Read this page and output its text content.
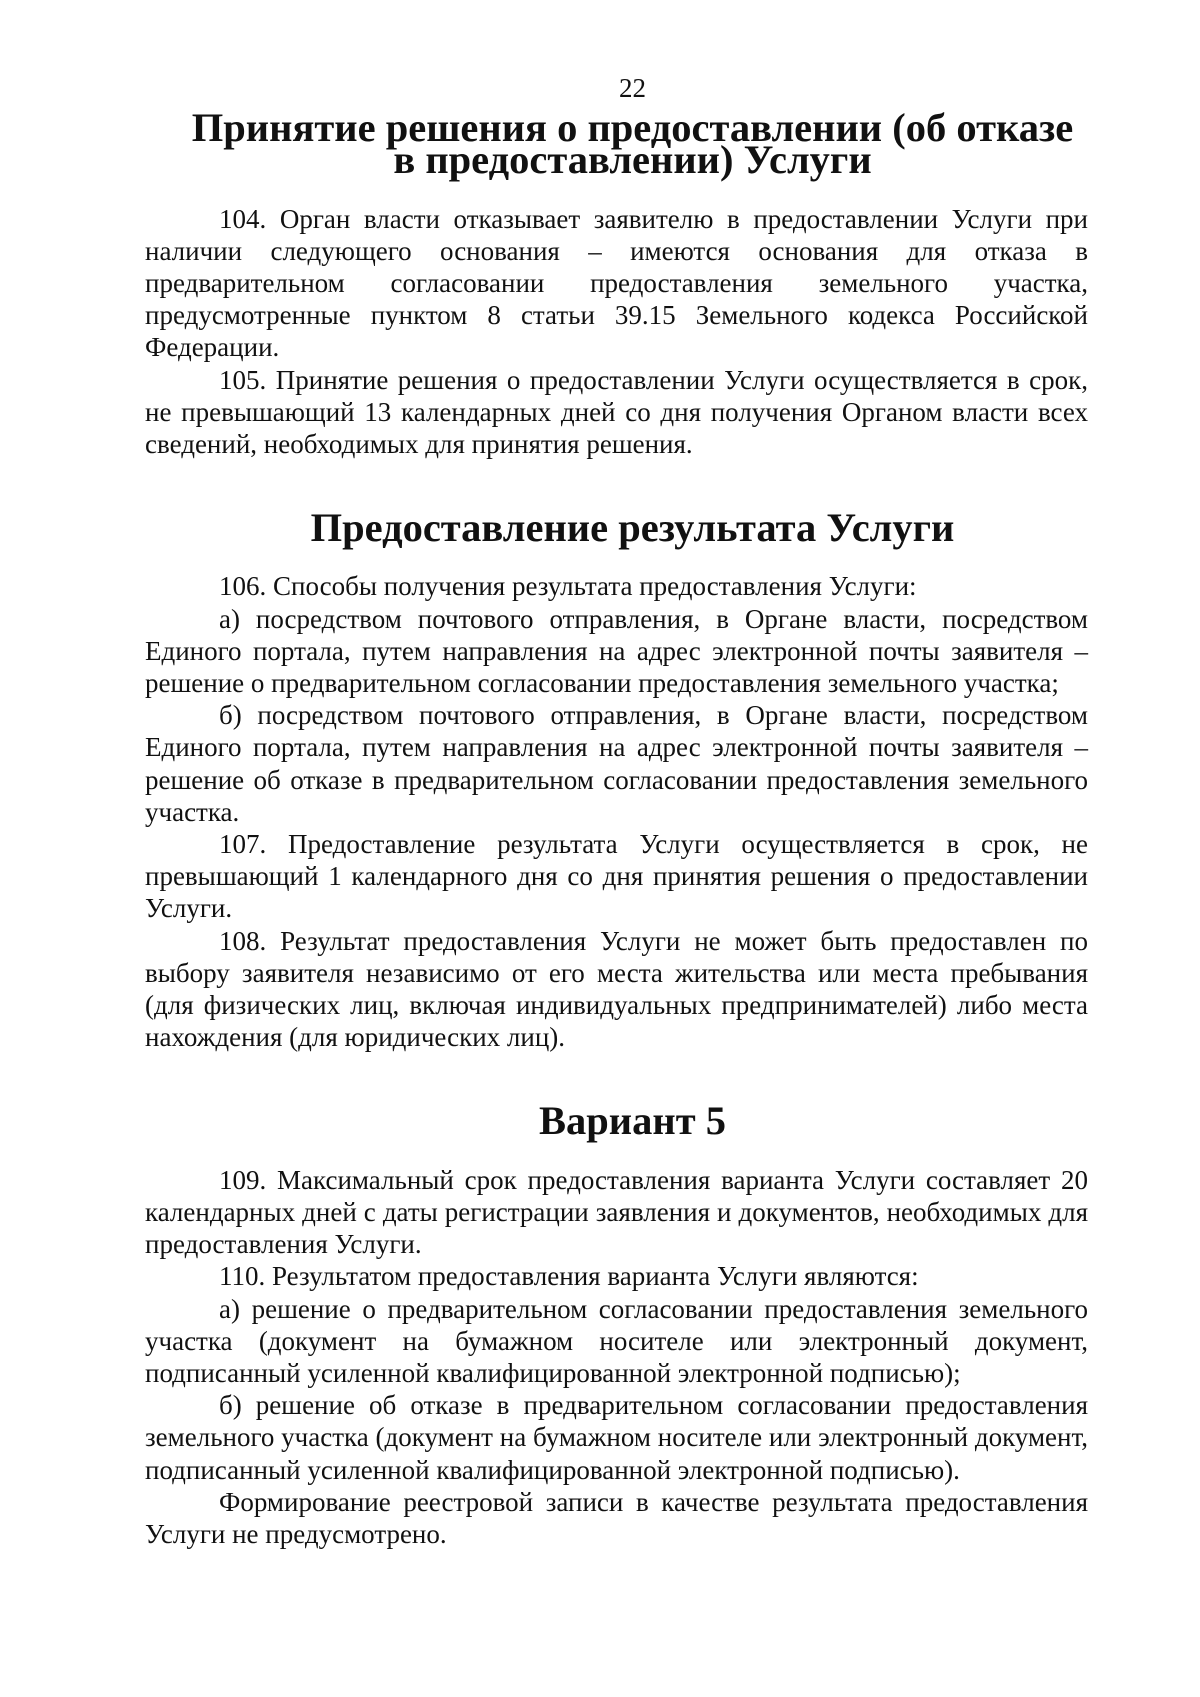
22
Принятие решения о предоставлении (об отказе в предоставлении) Услуги

104. Орган власти отказывает заявителю в предоставлении Услуги при наличии следующего основания – имеются основания для отказа в предварительном согласовании предоставления земельного участка, предусмотренные пунктом 8 статьи 39.15 Земельного кодекса Российской Федерации.

105. Принятие решения о предоставлении Услуги осуществляется в срок, не превышающий 13 календарных дней со дня получения Органом власти всех сведений, необходимых для принятия решения.

Предоставление результата Услуги

106. Способы получения результата предоставления Услуги:

а) посредством почтового отправления, в Органе власти, посредством Единого портала, путем направления на адрес электронной почты заявителя – решение о предварительном согласовании предоставления земельного участка;

б) посредством почтового отправления, в Органе власти, посредством Единого портала, путем направления на адрес электронной почты заявителя – решение об отказе в предварительном согласовании предоставления земельного участка.

107. Предоставление результата Услуги осуществляется в срок, не превышающий 1 календарного дня со дня принятия решения о предоставлении Услуги.

108. Результат предоставления Услуги не может быть предоставлен по выбору заявителя независимо от его места жительства или места пребывания (для физических лиц, включая индивидуальных предпринимателей) либо места нахождения (для юридических лиц).

Вариант 5

109. Максимальный срок предоставления варианта Услуги составляет 20 календарных дней с даты регистрации заявления и документов, необходимых для предоставления Услуги.

110. Результатом предоставления варианта Услуги являются:

а) решение о предварительном согласовании предоставления земельного участка (документ на бумажном носителе или электронный документ, подписанный усиленной квалифицированной электронной подписью);

б) решение об отказе в предварительном согласовании предоставления земельного участка (документ на бумажном носителе или электронный документ, подписанный усиленной квалифицированной электронной подписью).

Формирование реестровой записи в качестве результата предоставления Услуги не предусмотрено.
